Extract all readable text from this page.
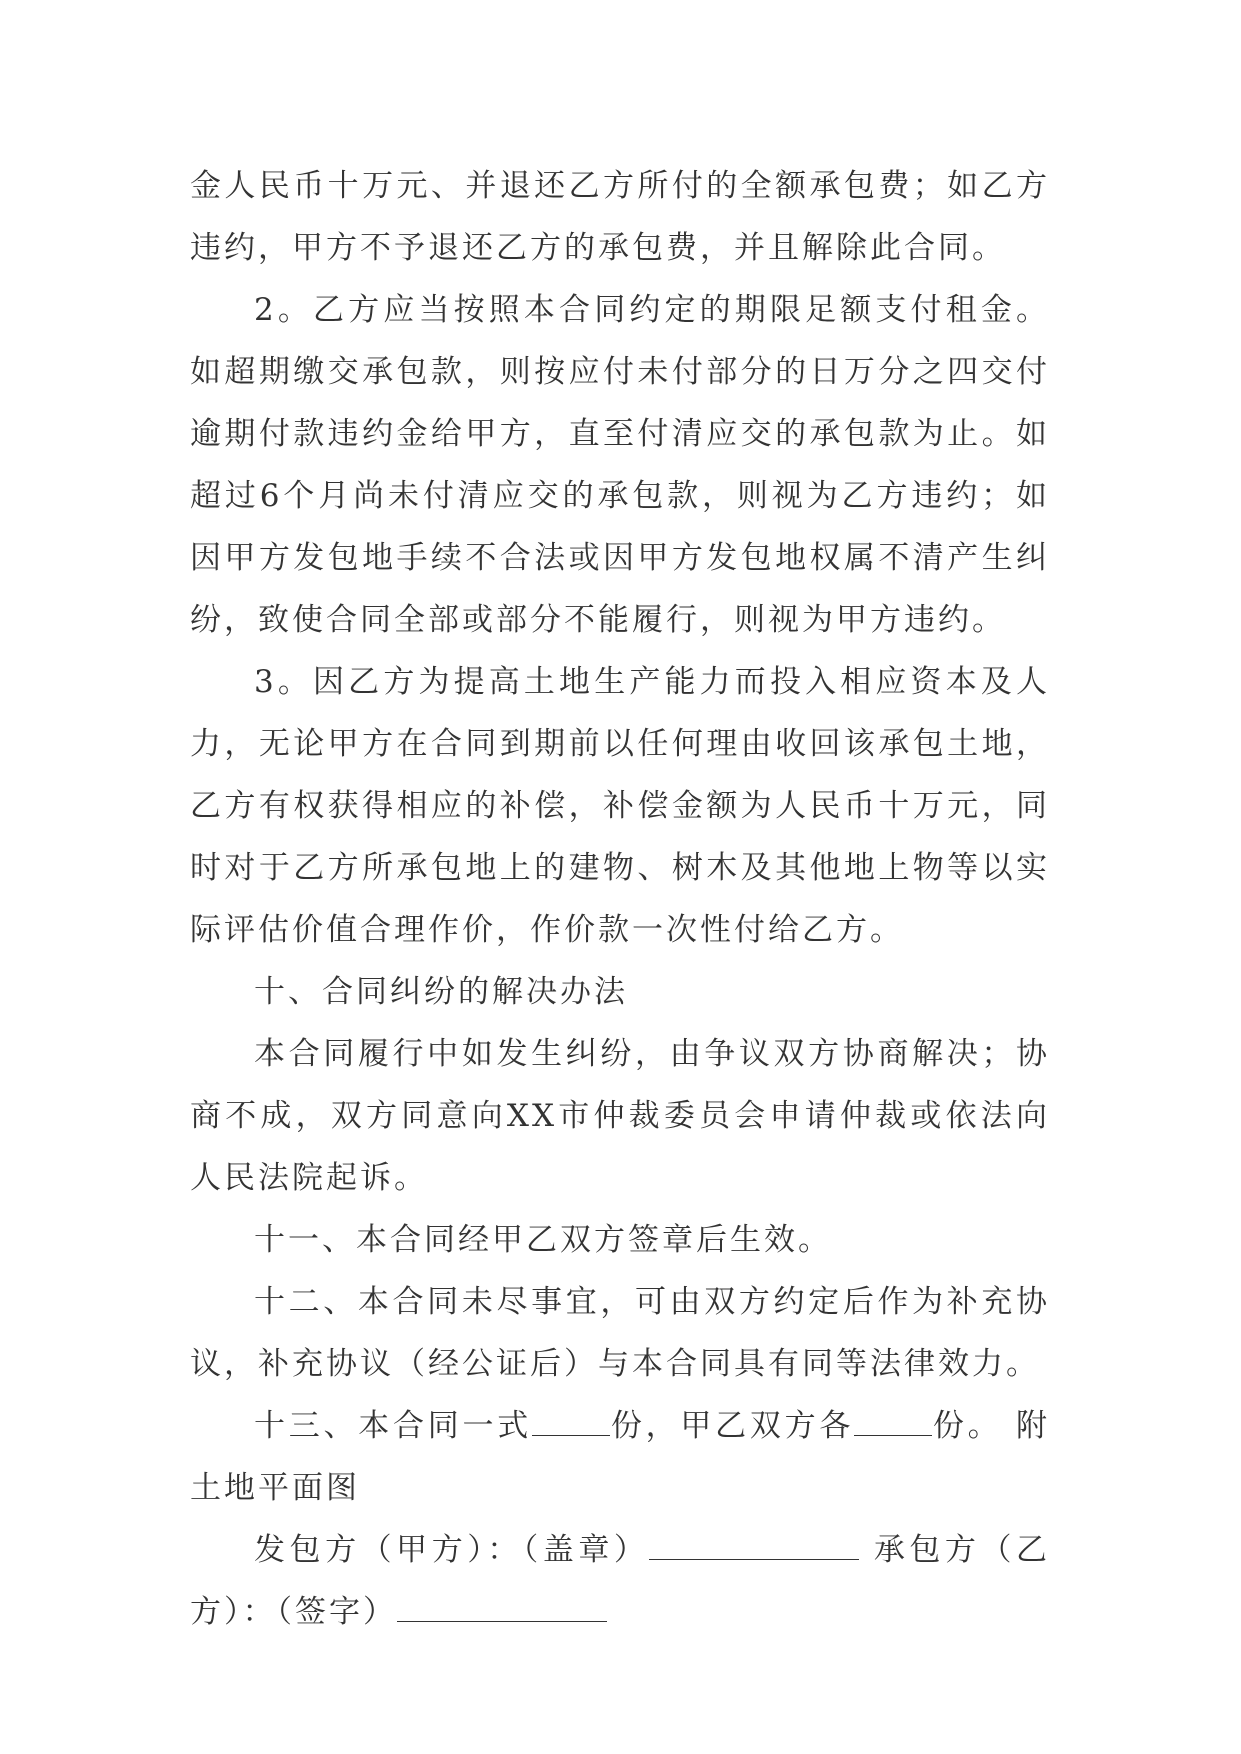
金人民币十万元、并退还乙方所付的全额承包费；如乙方违约，甲方不予退还乙方的承包费，并且解除此合同。

2。乙方应当按照本合同约定的期限足额支付租金。如超期缴交承包款，则按应付未付部分的日万分之四交付逾期付款违约金给甲方，直至付清应交的承包款为止。如超过6个月尚未付清应交的承包款，则视为乙方违约；如因甲方发包地手续不合法或因甲方发包地权属不清产生纠纷，致使合同全部或部分不能履行，则视为甲方违约。

3。因乙方为提高土地生产能力而投入相应资本及人力，无论甲方在合同到期前以任何理由收回该承包土地，乙方有权获得相应的补偿，补偿金额为人民币十万元，同时对于乙方所承包地上的建物、树木及其他地上物等以实际评估价值合理作价，作价款一次性付给乙方。

十、合同纠纷的解决办法

本合同履行中如发生纠纷，由争议双方协商解决；协商不成，双方同意向XX市仲裁委员会申请仲裁或依法向人民法院起诉。

十一、本合同经甲乙双方签章后生效。

十二、本合同未尽事宜，可由双方约定后作为补充协议，补充协议（经公证后）与本合同具有同等法律效力。

十三、本合同一式	份，甲乙双方各	份。 附土地平面图

发包方（甲方）：（盖章）	承包方（乙方）：（签字）
